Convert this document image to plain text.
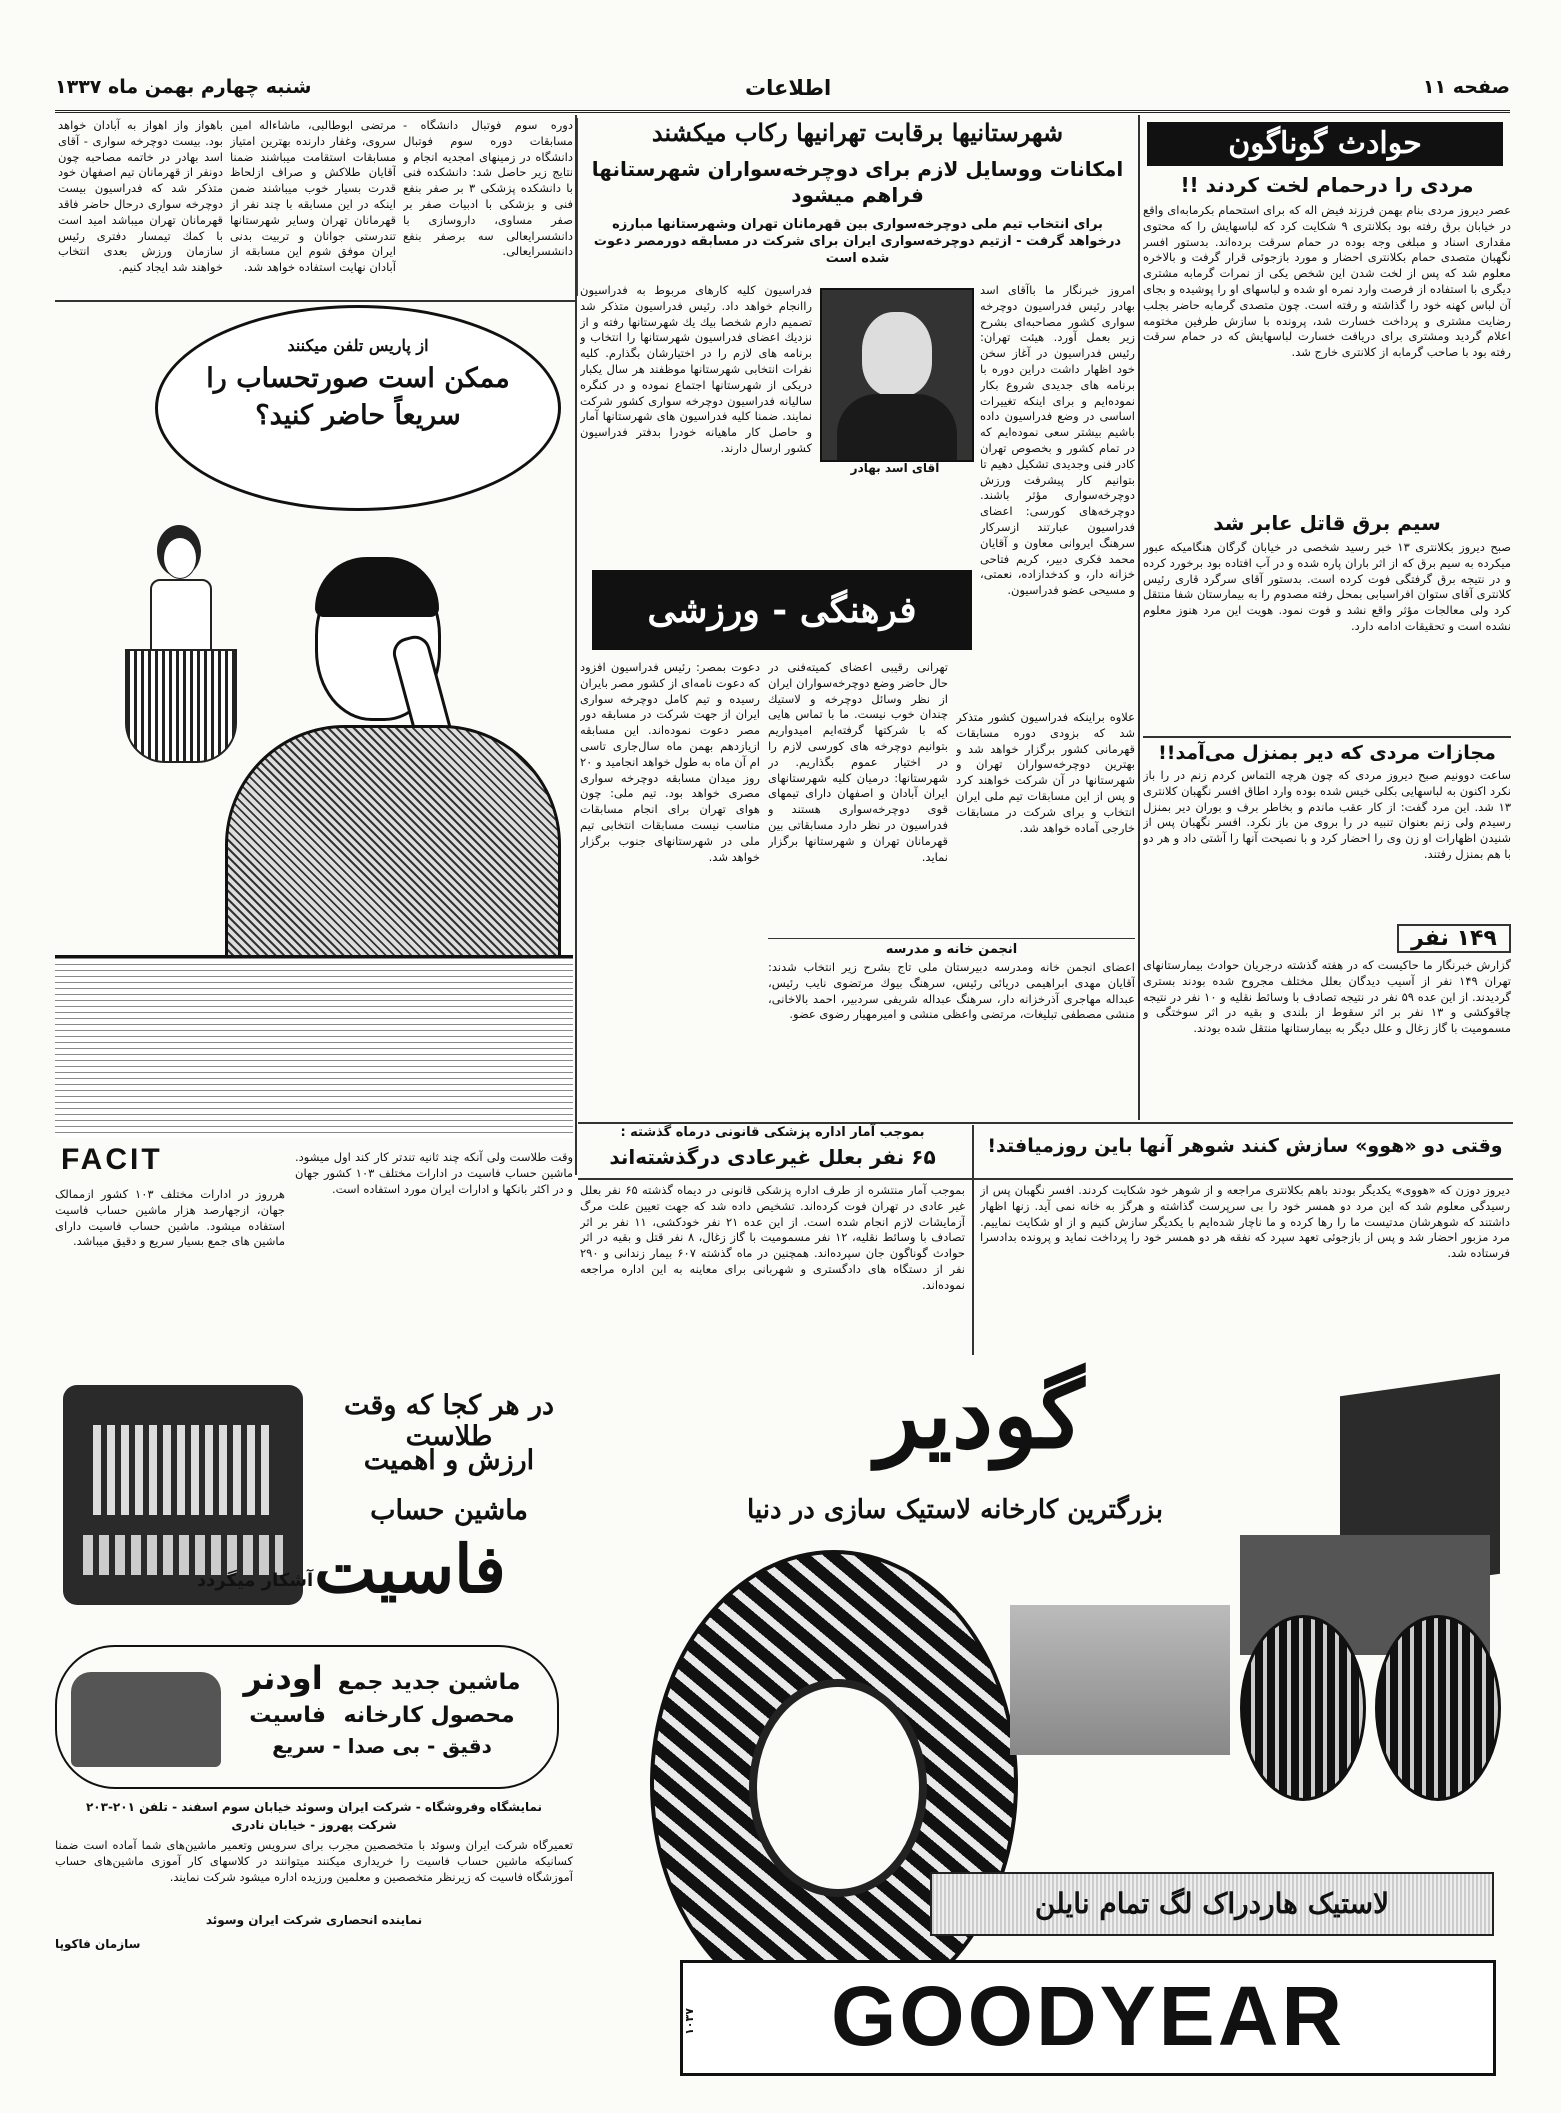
صفحه ۱۱
اطلاعات
شنبه چهارم بهمن ماه ۱۳۳۷
حوادث گوناگون
مردی را درحمام لخت کردند !!
عصر دیروز مردی بنام بهمن فرزند فیض اله که برای استحمام بکرمابه‌ای واقع در خیابان برق رفته بود بکلانتری ۹ شکایت کرد که لباسهایش را که محتوی مقداری اسناد و مبلغی وجه بوده در حمام سرقت برده‌اند. بدستور افسر نگهبان متصدی حمام بکلانتری احضار و مورد بازجوئی قرار گرفت و بالاخره معلوم شد که پس از لخت شدن این شخص یکی از نمرات گرمابه مشتری دیگری با استفاده از فرصت وارد نمره او شده و لباسهای او را پوشیده و بجای آن لباس کهنه خود را گذاشته و رفته است. چون متصدی گرمابه حاضر بجلب رضایت مشتری و پرداخت خسارت شد، پرونده با سازش طرفین مختومه اعلام گردید ومشتری برای دریافت خسارت لباسهایش که در حمام سرقت رفته بود با صاحب گرمابه از کلانتری خارج شد.
سیم برق قاتل عابر شد
صبح دیروز بکلانتری ۱۳ خبر رسید شخصی در خیابان گرگان هنگامیکه عبور میکرده به سیم برق که از اثر باران پاره شده و در آب افتاده بود برخورد کرده و در نتیجه برق گرفتگی فوت کرده است. بدستور آقای سرگرد قاری رئیس کلانتری آقای ستوان افراسیابی بمحل رفته مصدوم را به بیمارستان شفا منتقل کرد ولی معالجات مؤثر واقع نشد و فوت نمود. هویت این مرد هنوز معلوم نشده است و تحقیقات ادامه دارد.
مجازات مردی که دیر بمنزل می‌آمد!!
ساعت دوونیم صبح دیروز مردی که چون هرچه التماس کردم زنم در را باز نکرد اکنون به لباسهایی بکلی خیس شده بوده وارد اطاق افسر نگهبان کلانتری ۱۳ شد. این مرد گفت: از کار عقب ماندم و بخاطر برف و بوران دیر بمنزل رسیدم ولی زنم بعنوان تنبیه در را بروی من باز نکرد. افسر نگهبان پس از شنیدن اظهارات او زن وی را احضار کرد و با نصیحت آنها را آشتی داد و هر دو با هم بمنزل رفتند.
۱۴۹ نفر
گزارش خبرنگار ما حاکیست که در هفته گذشته درجریان حوادث بیمارستانهای تهران ۱۴۹ نفر از آسیب دیدگان بعلل مختلف مجروح شده بودند بستری گردیدند. از این عده ۵۹ نفر در نتیجه تصادف با وسائط نقلیه و ۱۰ نفر در نتیجه چاقوکشی و ۱۳ نفر بر اثر سقوط از بلندی و بقیه در اثر سوختگی و مسمومیت با گاز زغال و علل دیگر به بیمارستانها منتقل شده بودند.
شهرستانیها برقابت تهرانیها رکاب میکشند
امکانات ووسایل لازم برای دوچرخه‌سواران شهرستانها فراهم میشود
برای انتخاب تیم ملی دوچرخه‌سواری بین قهرمانان تهران وشهرستانها مبارزه درخواهد گرفت - ازتیم دوچرخه‌سواری ایران برای شرکت در مسابقه دورمصر دعوت شده است
امروز خبرنگار ما باآقای اسد بهادر رئیس فدراسیون دوچرخه سواری کشور مصاحبه‌ای بشرح زیر بعمل آورد. هیئت تهران: رئیس فدراسیون در آغاز سخن خود اظهار داشت دراین دوره با برنامه های جدیدی شروع بکار نموده‌ایم و برای اینکه تغییرات اساسی در وضع فدراسیون داده باشیم بیشتر سعی نموده‌ایم که در تمام کشور و بخصوص تهران کادر فنی وجدیدی تشکیل دهیم تا بتوانیم کار پیشرفت ورزش دوچرخه‌سواری مؤثر باشند. دوچرخه‌های کورسی: اعضای فدراسیون عبارتند ازسرکار سرهنگ ایروانی معاون و آقایان محمد فکری دبیر، کریم فتاحی خزانه دار، و کدخدازاده، نعمتی، و مسیحی عضو فدراسیون.
آقای اسد بهادر
فدراسیون کلیه کارهای مربوط به فدراسیون راانجام خواهد داد. رئیس فدراسیون متذکر شد تصمیم دارم شخصا بیك یك شهرستانها رفته و از نزدیك اعضای فدراسیون شهرستانها را انتخاب و برنامه های لازم را در اختیارشان بگذارم. کلیه نفرات انتخابی شهرستانها موظفند هر سال یکبار دریکی از شهرستانها اجتماع نموده و در کنگره سالیانه فدراسیون دوچرخه سواری کشور شرکت نمایند. ضمنا کلیه فدراسیون های شهرستانها آمار و حاصل کار ماهیانه خودرا بدفتر فدراسیون کشور ارسال دارند.
فرهنگی - ورزشی
دعوت بمصر: رئیس فدراسیون افزود که دعوت نامه‌ای از کشور مصر بایران رسیده و تیم کامل دوچرخه سواری ایران از جهت شرکت در مسابقه دور مصر دعوت نموده‌اند. این مسابقه ازیازدهم بهمن ماه سال‌جاری تاسی ام آن ماه به طول خواهد انجامید و ۲۰ روز میدان مسابقه دوچرخه سواری مصری خواهد بود. تیم ملی: چون هوای تهران برای انجام مسابقات مناسب نیست مسابقات انتخابی تیم ملی در شهرستانهای جنوب برگزار خواهد شد.
تهرانی رقیبی اعضای کمیته‌فنی در حال حاضر وضع دوچرخه‌سواران ایران از نظر وسائل دوچرخه و لاستیك چندان خوب نیست. ما با تماس هایی که با شرکتها گرفته‌ایم امیدواریم بتوانیم دوچرخه های کورسی لازم را در اختیار عموم بگذاریم. در شهرستانها: درمیان کلیه شهرستانهای ایران آبادان و اصفهان دارای تیمهای قوی دوچرخه‌سواری هستند و فدراسیون در نظر دارد مسابقاتی بین قهرمانان تهران و شهرستانها برگزار نماید.
علاوه براینکه فدراسیون کشور متذکر شد که بزودی دوره مسابقات قهرمانی کشور برگزار خواهد شد و بهترین دوچرخه‌سواران تهران و شهرستانها در آن شرکت خواهند کرد و پس از این مسابقات تیم ملی ایران انتخاب و برای شرکت در مسابقات خارجی آماده خواهد شد.
انجمن خانه و مدرسه
اعضای انجمن خانه ومدرسه دبیرستان ملی تاج بشرح زیر انتخاب شدند: آقایان مهدی ابراهیمی دریائی رئیس، سرهنگ بیوك مرتضوی نایب رئیس، عبداله مهاجری آذرخزانه دار، سرهنگ عبداله شریفی سردبیر، احمد بالاخانی، منشی مصطفی تبلیغات، مرتضی واعظی منشی و امیرمهیار رضوی عضو.
دوره سوم فوتبال دانشگاه - مسابقات دوره سوم فوتبال دانشگاه در زمینهای امجدیه انجام و نتایج زیر حاصل شد: دانشکده فنی با دانشکده پزشکی ۳ بر صفر بنفع فنی و بزشکی با ادبیات صفر بر صفر مساوی، داروسازی با دانشسرایعالی سه برصفر بنفع دانشسرایعالی.
مرتضی ابوطالبی، ماشاءاله امین سروی، وغفار دارنده بهترین امتیاز مسابقات استقامت میباشند ضمنا آقایان طلاکش و صراف ازلحاظ قدرت بسیار خوب میباشند ضمن اینکه در این مسابقه با چند نفر از قهرمانان تهران وسایر شهرستانها تندرستی جوانان و تربیت بدنی ایران موفق شوم این مسابقه از آبادان نهایت استفاده خواهد شد.
باهواز واز اهواز به آبادان خواهد بود. بیست دوچرخه سواری - آقای اسد بهادر در خاتمه مصاحبه چون دونفر از قهرمانان تیم اصفهان خود متذکر شد که فدراسیون بیست دوچرخه سواری درحال حاضر فاقد قهرمانان تهران میباشد امید است با کمك تیمسار دفتری رئیس سازمان ورزش بعدی انتخاب خواهند شد ایجاد کنیم.
از پاریس تلفن میکنند
ممکن است صورتحساب را
سریعاً حاضر کنید؟
FACIT	وقت طلاست ولی آنکه چند ثانیه تندتر کار کند اول میشود. ماشین حساب فاسیت در ادارات مختلف ۱۰۳ کشور جهان و در اکثر بانکها و ادارات ایران مورد استفاده است.
هرروز در ادارات مختلف ۱۰۳ کشور ازممالک جهان، ازجهارصد هزار ماشین حساب فاسیت استفاده میشود. ماشین حساب فاسیت دارای ماشین های جمع بسیار سریع و دقیق میباشد.
در هر کجا که وقت طلاست
ارزش و اهمیت
ماشین حساب
فاسیت
آشکار میگردد
ماشین جدید جمع اودنر
محصول کارخانه فاسیت
دقیق - بی صدا - سریع
نمایشگاه وفروشگاه - شرکت ایران وسوئد خیابان سوم اسفند - تلفن ۲۰۱-۲۰۳
شرکت پهروز - خیابان نادری
تعمیرگاه شرکت ایران وسوئد با متخصصین مجرب برای سرویس وتعمیر ماشین‌های شما آماده است ضمنا کسانیکه ماشین حساب فاسیت را خریداری میکنند میتوانند در کلاسهای کار آموزی ماشین‌های حساب آموزشگاه فاسیت که زیرنظر متخصصین و معلمین ورزیده اداره میشود شرکت نمایند.
نماینده انحصاری شرکت ایران وسوئد
سازمان فاکوپا
بموجب آمار اداره پزشکی قانونی درماه گذشته :
۶۵ نفر بعلل غیرعادی درگذشته‌اند
بموجب آمار منتشره از طرف اداره پزشکی قانونی در دیماه گذشته ۶۵ نفر بعلل غیر عادی در تهران فوت کرده‌اند. تشخیص داده شد که جهت تعیین علت مرگ آزمایشات لازم انجام شده است. از این عده ۲۱ نفر خودکشی، ۱۱ نفر بر اثر تصادف با وسائط نقلیه، ۱۲ نفر مسمومیت با گاز زغال، ۸ نفر قتل و بقیه در اثر حوادث گوناگون جان سپرده‌اند. همچنین در ماه گذشته ۶۰۷ بیمار زندانی و ۲۹۰ نفر از دستگاه های دادگستری و شهربانی برای معاینه به این اداره مراجعه نموده‌اند.
وقتی دو «هوو» سازش کنند شوهر آنها باین روزمیافتد!
دیروز دوزن که «هووی» یکدیگر بودند باهم بکلانتری مراجعه و از شوهر خود شکایت کردند. افسر نگهبان پس از رسیدگی معلوم شد که این مرد دو همسر خود را بی سرپرست گذاشته و هرگز به خانه نمی آید. زنها اظهار داشتند که شوهرشان مدتیست ما را رها کرده و ما ناچار شده‌ایم با یکدیگر سازش کنیم و از او شکایت نماییم. مرد مزبور احضار شد و پس از بازجوئی تعهد سپرد که نفقه هر دو همسر خود را پرداخت نماید و پرونده بدادسرا فرستاده شد.
گودیر
بزرگترین کارخانه لاستیک سازی در دنیا
لاستیک هاردراک لگ تمام نایلن
GOODYEAR
۱۰۳۷
